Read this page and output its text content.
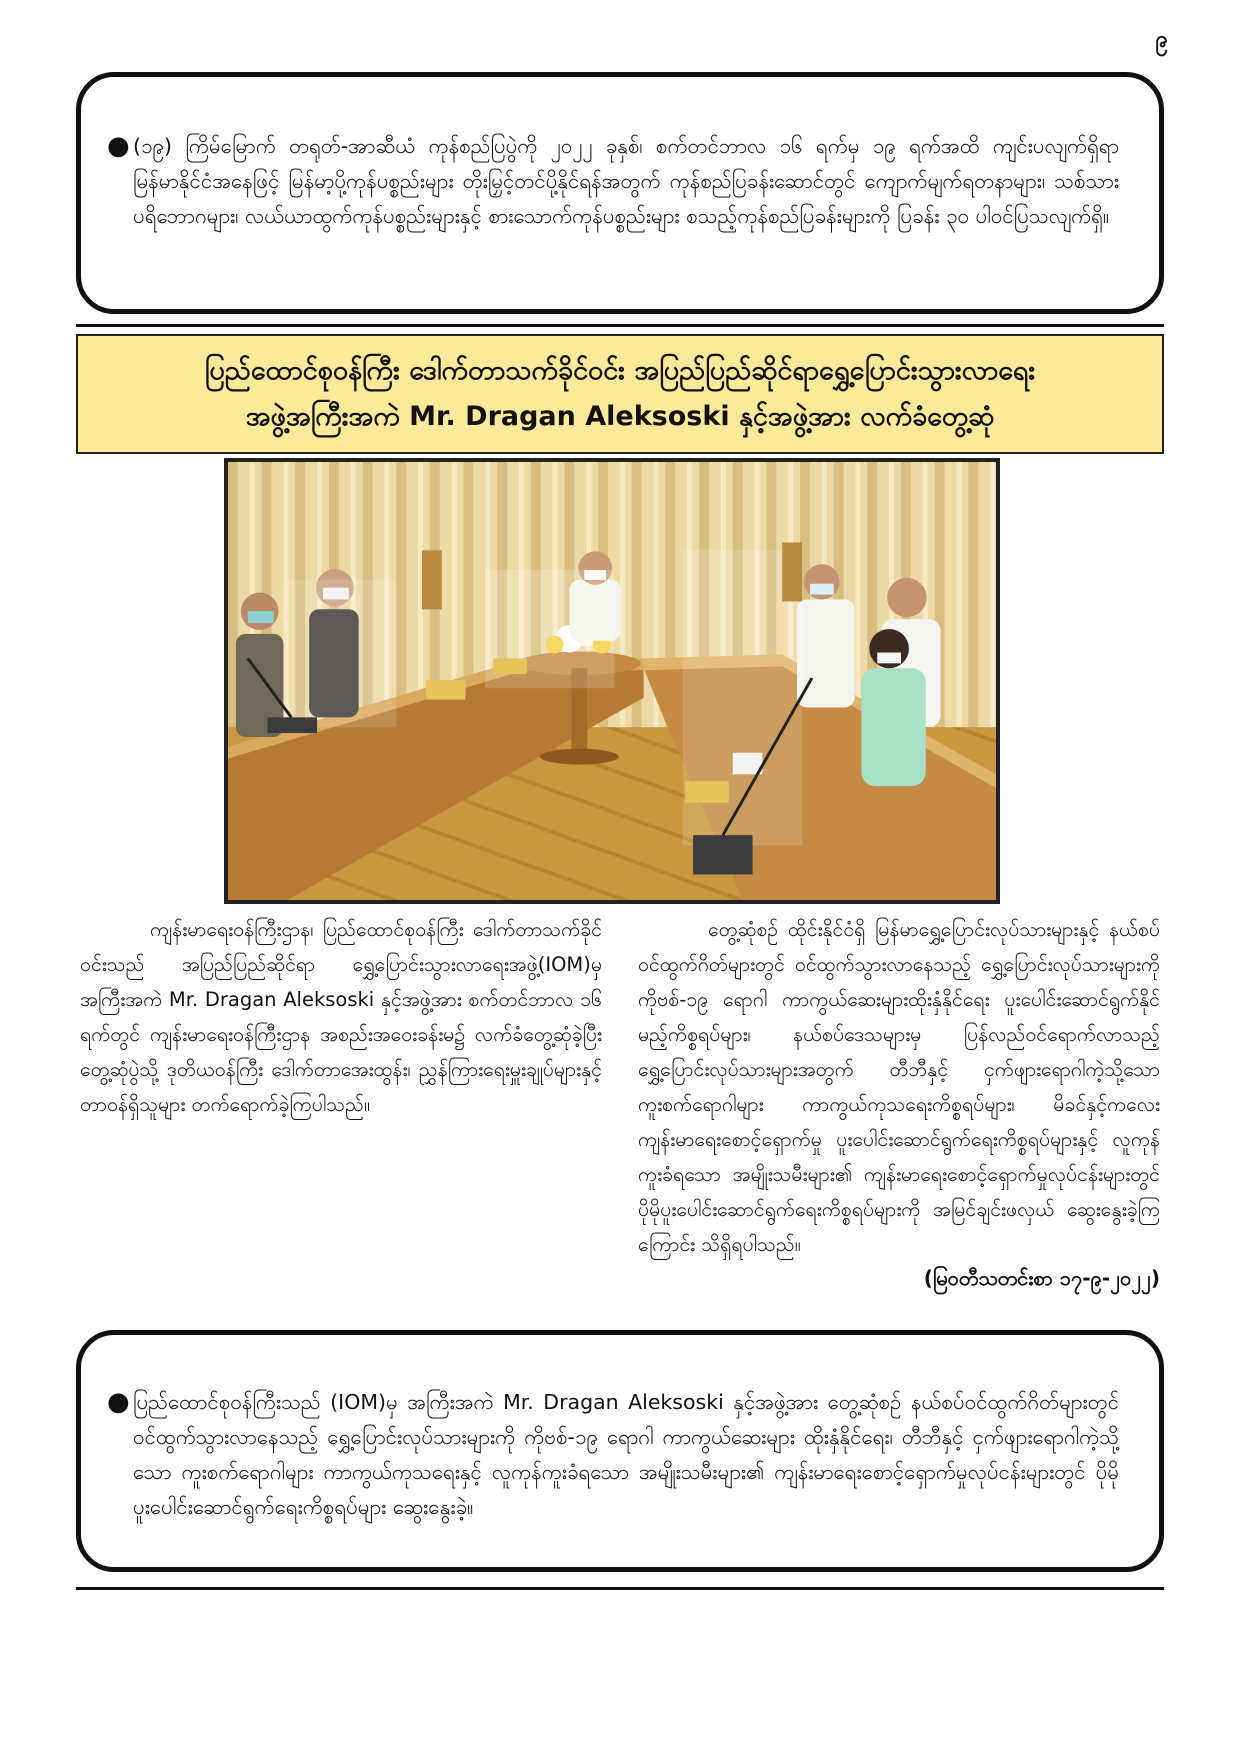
၉
● (၁၉) ကြိမ်မြောက် တရုတ်-အာဆီယံ ကုန်စည်ပြပွဲကို ၂၀၂၂ ခုနှစ်၊ စက်တင်ဘာလ ၁၆ ရက်မှ ၁၉ ရက်အထိ ကျင်းပလျက်ရှိရာ မြန်မာနိုင်ငံအနေဖြင့် မြန်မာ့ပို့ကုန်ပစ္စည်းများ တိုးမြှင့်တင်ပို့နိုင်ရန်အတွက် ကုန်စည်ပြခန်းဆောင်တွင် ကျောက်မျက်ရတနာများ၊ သစ်သားပရိဘောဂများ၊ လယ်ယာထွက်ကုန်ပစ္စည်းများနှင့် စားသောက်ကုန်ပစ္စည်းများ စသည့်ကုန်စည်ပြခန်းများကို ပြခန်း ၃၀ ပါဝင်ပြသလျက်ရှိ။
ပြည်ထောင်စုဝန်ကြီး ဒေါက်တာသက်ခိုင်ဝင်း အပြည်ပြည်ဆိုင်ရာရွှေ့ပြောင်းသွားလာရေး
အဖွဲ့အကြီးအကဲ Mr. Dragan Aleksoski နှင့်အဖွဲ့အား လက်ခံတွေ့ဆုံ

ကျန်းမာရေးဝန်ကြီးဌာန၊ ပြည်ထောင်စုဝန်ကြီး ဒေါက်တာသက်ခိုင်ဝင်းသည် အပြည်ပြည်ဆိုင်ရာ ရွှေ့ပြောင်းသွားလာရေးအဖွဲ့(IOM)မှ အကြီးအကဲ Mr. Dragan Aleksoski နှင့်အဖွဲ့အား စက်တင်ဘာလ ၁၆ ရက်တွင် ကျန်းမာရေးဝန်ကြီးဌာန အစည်းအဝေးခန်းမ၌ လက်ခံတွေ့ဆုံခဲ့ပြီး တွေ့ဆုံပွဲသို့ ဒုတိယဝန်ကြီး ဒေါက်တာအေးထွန်း၊ ညွှန်ကြားရေးမှူးချုပ်များနှင့် တာဝန်ရှိသူများ တက်ရောက်ခဲ့ကြပါသည်။

တွေ့ဆုံစဉ် ထိုင်းနိုင်ငံရှိ မြန်မာရွှေ့ပြောင်းလုပ်သားများနှင့် နယ်စပ်ဝင်ထွက်ဂိတ်များတွင် ဝင်ထွက်သွားလာနေသည့် ရွှေ့ပြောင်းလုပ်သားများကို ကိုဗစ်-၁၉ ရောဂါ ကာကွယ်ဆေးများထိုးနှံနိုင်ရေး ပူးပေါင်းဆောင်ရွက်နိုင်မည့်ကိစ္စရပ်များ၊ နယ်စပ်ဒေသများမှ ပြန်လည်ဝင်ရောက်လာသည့် ရွှေ့ပြောင်းလုပ်သားများအတွက် တီဘီနှင့် ငှက်ဖျားရောဂါကဲ့သို့သော ကူးစက်ရောဂါများ ကာကွယ်ကုသရေးကိစ္စရပ်များ၊ မိခင်နှင့်ကလေးကျန်းမာရေးစောင့်ရှောက်မှု ပူးပေါင်းဆောင်ရွက်ရေးကိစ္စရပ်များနှင့် လူကုန်ကူးခံရသော အမျိုးသမီးများ၏ ကျန်းမာရေးစောင့်ရှောက်မှုလုပ်ငန်းများတွင် ပိုမိုပူးပေါင်းဆောင်ရွက်ရေးကိစ္စရပ်များကို အမြင်ချင်းဖလှယ် ဆွေးနွေးခဲ့ကြကြောင်း သိရှိရပါသည်။

(မြဝတီသတင်းစာ ၁၇-၉-၂၀၂၂)
● ပြည်ထောင်စုဝန်ကြီးသည် (IOM)မှ အကြီးအကဲ Mr. Dragan Aleksoski နှင့်အဖွဲ့အား တွေ့ဆုံစဉ် နယ်စပ်ဝင်ထွက်ဂိတ်များတွင် ဝင်ထွက်သွားလာနေသည့် ရွှေ့ပြောင်းလုပ်သားများကို ကိုဗစ်-၁၉ ရောဂါ ကာကွယ်ဆေးများ ထိုးနှံနိုင်ရေး၊ တီဘီနှင့် ငှက်ဖျားရောဂါကဲ့သို့သော ကူးစက်ရောဂါများ ကာကွယ်ကုသရေးနှင့် လူကုန်ကူးခံရသော အမျိုးသမီးများ၏ ကျန်းမာရေးစောင့်ရှောက်မှုလုပ်ငန်းများတွင် ပိုမိုပူးပေါင်းဆောင်ရွက်ရေးကိစ္စရပ်များ ဆွေးနွေးခဲ့။
